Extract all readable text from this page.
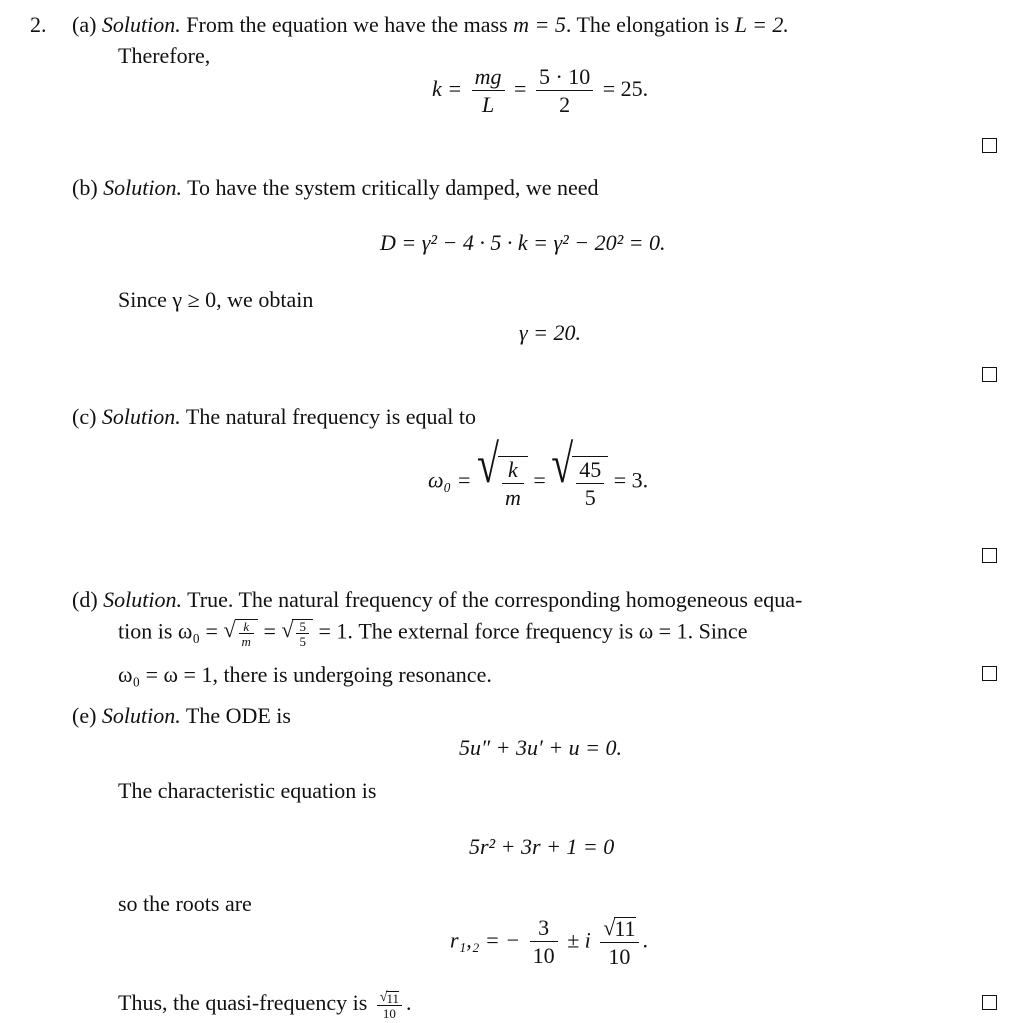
2. (a) Solution. From the equation we have the mass m = 5. The elongation is L = 2.
Therefore,
$k = \frac{mg}{L} = \frac{5 \cdot 10}{2} = 25$.
(b) Solution. To have the system critically damped, we need
D = γ² − 4 · 5 · k = γ² − 20² = 0.
Since γ ≥ 0, we obtain
γ = 20.
(c) Solution. The natural frequency is equal to
ω₀ = √ $\frac{k}{m}$ = √ $\frac{45}{5} = 3$.
(d) Solution. True. The natural frequency of the corresponding homogeneous equa-
tion is ω₀ = √ $\frac{k}{m}$ = √ $\frac{5}{5} = 1$. The external force frequency is ω = 1. Since
ω₀ = ω = 1, there is undergoing resonance.
(e) Solution. The ODE is
5u″ + 3u′ + u = 0.
The characteristic equation is
5r² + 3r + 1 = 0
so the roots are
r₁,₂ = − $\frac{3}{10} \pm i \frac{√ 11}{10}$ .
Thus, the quasi-frequency is $\frac{√ 11}{10}$ .
